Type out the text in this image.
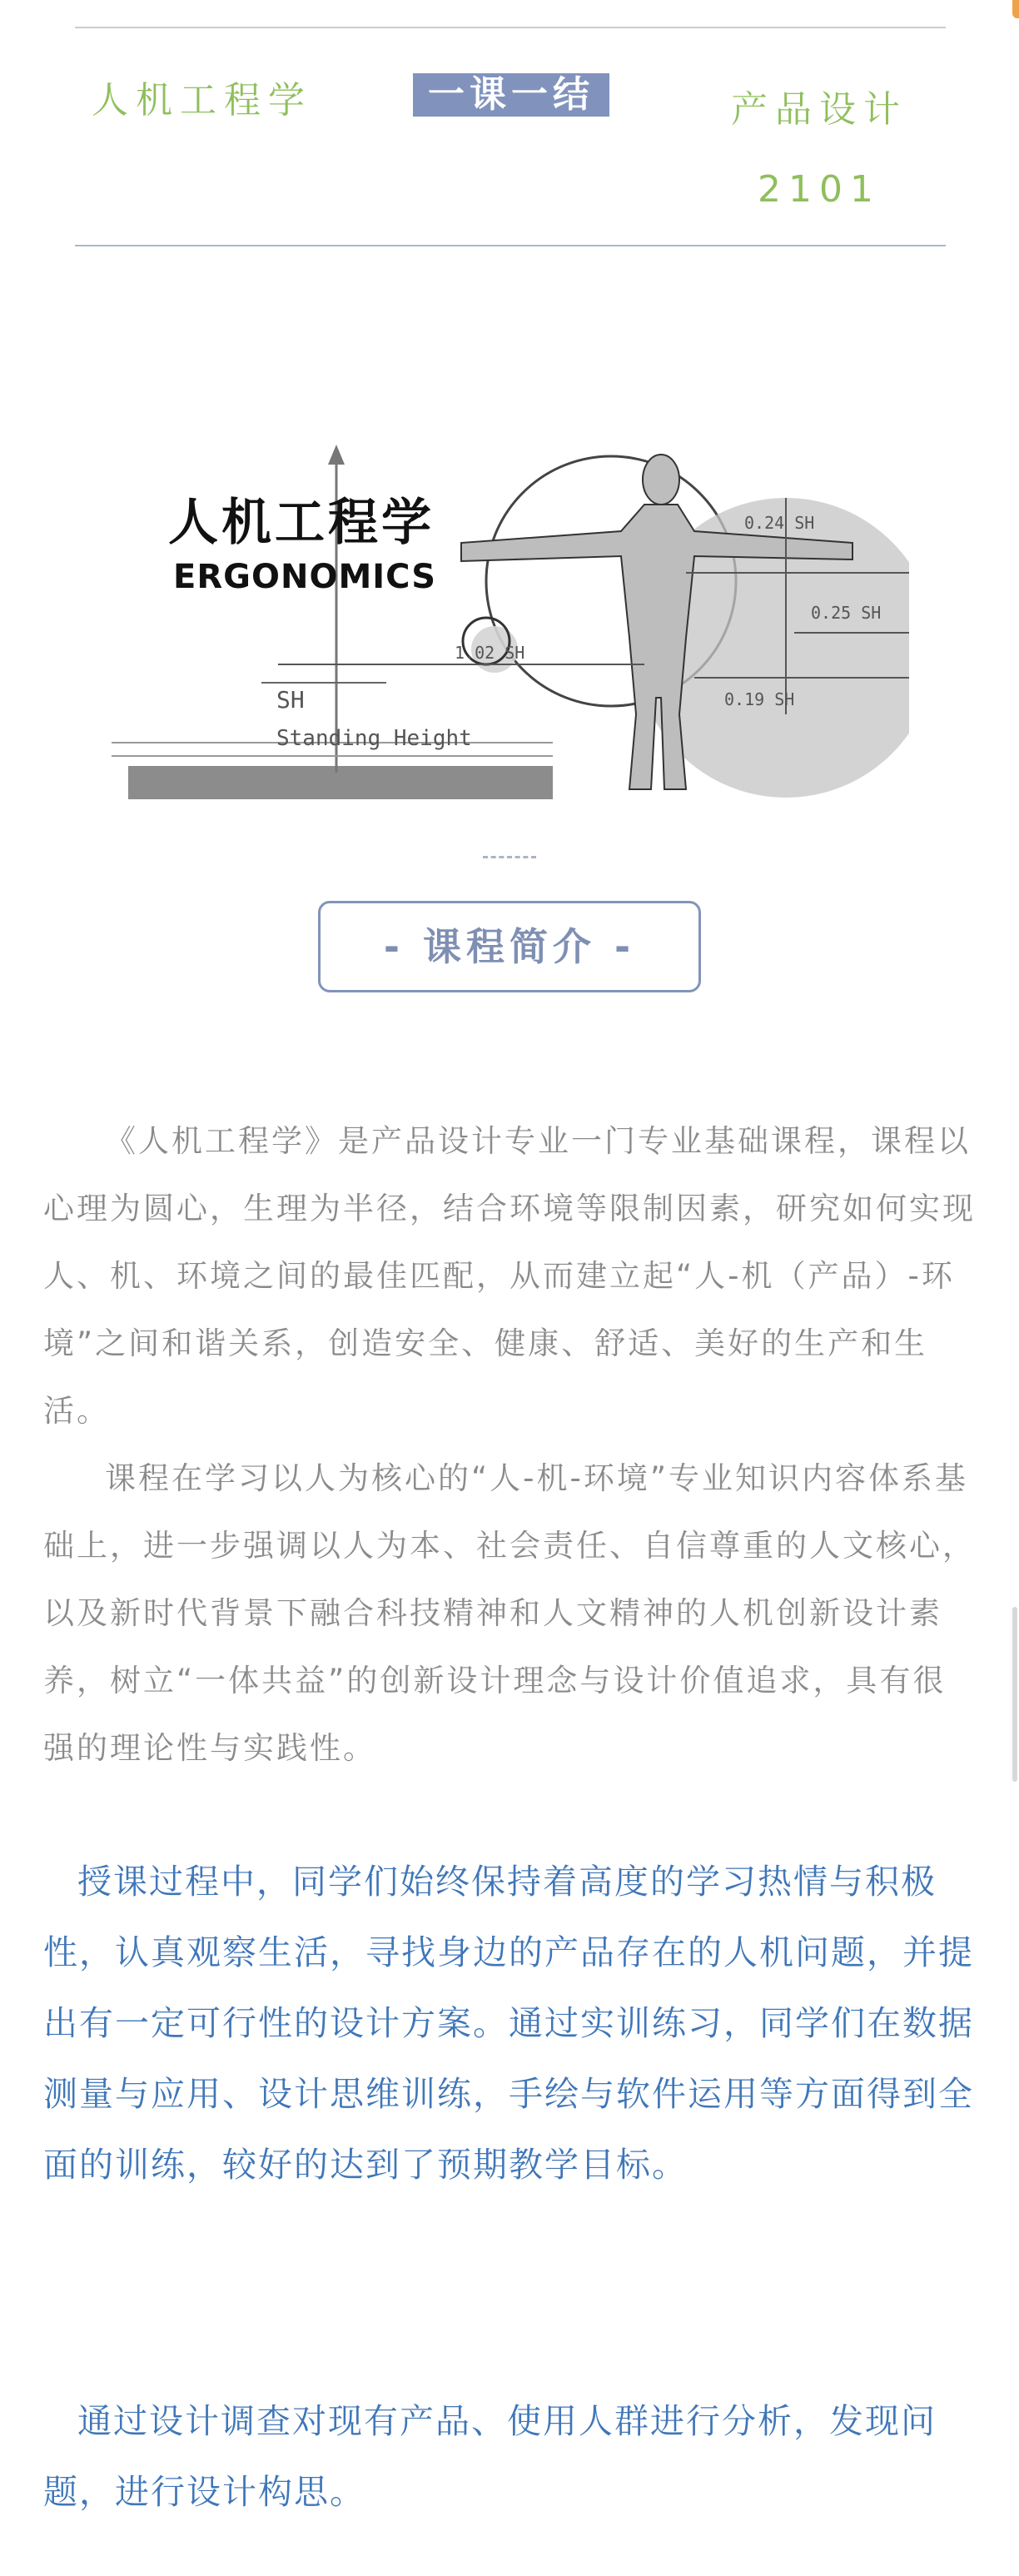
人机工程学	一课一结	产品设计
2101
人机工程学
ERGONOMICS
SH
Standing Height
1.02 SH
0.24 SH
0.25 SH
0.19 SH
- 课程简介 -

《人机工程学》是产品设计专业一门专业基础课程，课程以心理为圆心，生理为半径，结合环境等限制因素，研究如何实现人、机、环境之间的最佳匹配，从而建立起“人-机（产品）-环境”之间和谐关系，创造安全、健康、舒适、美好的生产和生活。

课程在学习以人为核心的“人-机-环境”专业知识内容体系基础上，进一步强调以人为本、社会责任、自信尊重的人文核心，以及新时代背景下融合科技精神和人文精神的人机创新设计素养，树立“一体共益”的创新设计理念与设计价值追求，具有很强的理论性与实践性。

授课过程中，同学们始终保持着高度的学习热情与积极性，认真观察生活，寻找身边的产品存在的人机问题，并提出有一定可行性的设计方案。通过实训练习，同学们在数据测量与应用、设计思维训练，手绘与软件运用等方面得到全面的训练，较好的达到了预期教学目标。

通过设计调查对现有产品、使用人群进行分析，发现问题，进行设计构思。
